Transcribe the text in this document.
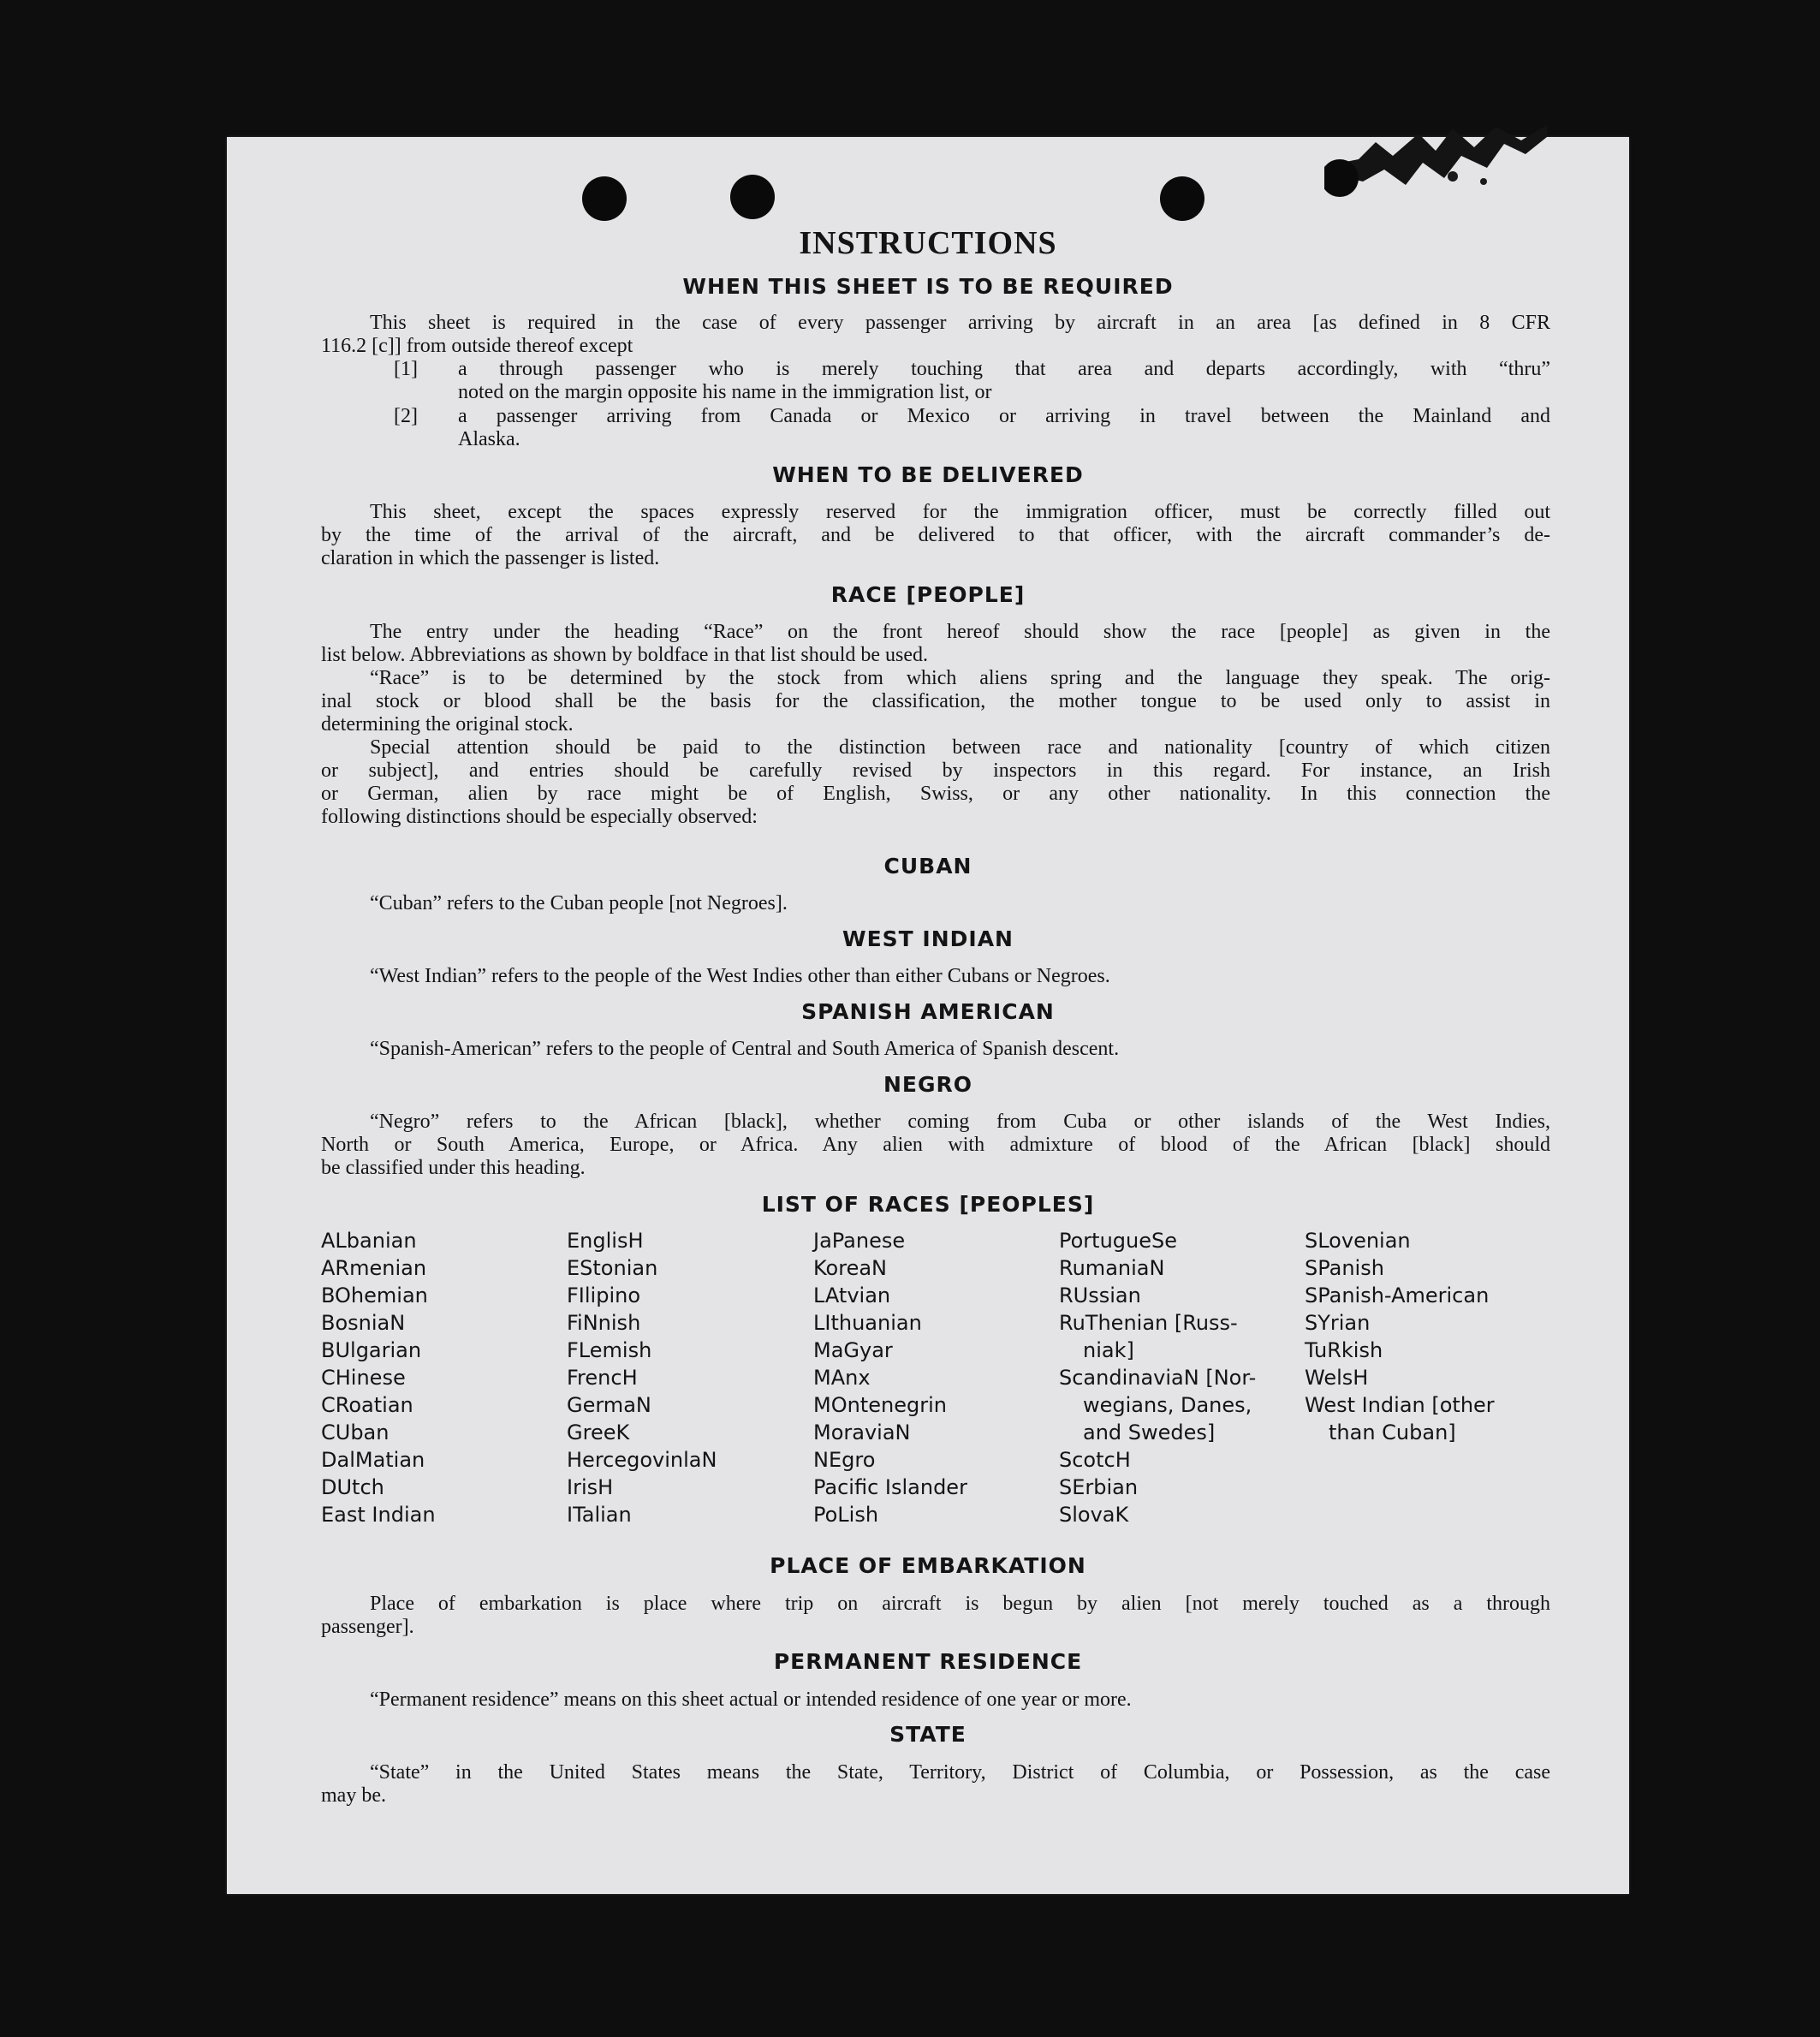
INSTRUCTIONS
WHEN THIS SHEET IS TO BE REQUIRED

This sheet is required in the case of every passenger arriving by aircraft in an area [as defined in 8 CFR
116.2 [c]] from outside thereof except

[1] a through passenger who is merely touching that area and departs accordingly, with “thru”
noted on the margin opposite his name in the immigration list, or
[2] a passenger arriving from Canada or Mexico or arriving in travel between the Mainland and
Alaska.
WHEN TO BE DELIVERED

This sheet, except the spaces expressly reserved for the immigration officer, must be correctly filled out
by the time of the arrival of the aircraft, and be delivered to that officer, with the aircraft commander’s de-
claration in which the passenger is listed.

RACE [PEOPLE]

The entry under the heading “Race” on the front hereof should show the race [people] as given in the
list below. Abbreviations as shown by boldface in that list should be used.

“Race” is to be determined by the stock from which aliens spring and the language they speak. The orig-
inal stock or blood shall be the basis for the classification, the mother tongue to be used only to assist in
determining the original stock.

Special attention should be paid to the distinction between race and nationality [country of which citizen
or subject], and entries should be carefully revised by inspectors in this regard. For instance, an Irish
or German, alien by race might be of English, Swiss, or any other nationality. In this connection the
following distinctions should be especially observed:

CUBAN

“Cuban” refers to the Cuban people [not Negroes].

WEST INDIAN

“West Indian” refers to the people of the West Indies other than either Cubans or Negroes.

SPANISH AMERICAN

“Spanish-American” refers to the people of Central and South America of Spanish descent.

NEGRO

“Negro” refers to the African [black], whether coming from Cuba or other islands of the West Indies,
North or South America, Europe, or Africa. Any alien with admixture of blood of the African [black] should
be classified under this heading.

LIST OF RACES [PEOPLES]
ALbanian
ARmenian
BOhemian
BosniaN
BUlgarian
CHinese
CRoatian
CUban
DalMatian
DUtch
East Indian
EnglisH
EStonian
FIlipino
FiNnish
FLemish
FrencH
GermaN
GreeK
HercegovinlaN
IrisH
ITalian
JaPanese
KoreaN
LAtvian
LIthuanian
MaGyar
MAnx
MOntenegrin
MoraviaN
NEgro
Pacific Islander
PoLish
PortugueSe
RumaniaN
RUssian
RuThenian [Russ-
niak]
ScandinaviaN [Nor-
wegians, Danes,
and Swedes]
ScotcH
SErbian
SlovaK
SLovenian
SPanish
SPanish-American
SYrian
TuRkish
WelsH
West Indian [other
than Cuban]
PLACE OF EMBARKATION

Place of embarkation is place where trip on aircraft is begun by alien [not merely touched as a through
passenger].

PERMANENT RESIDENCE

“Permanent residence” means on this sheet actual or intended residence of one year or more.

STATE

“State” in the United States means the State, Territory, District of Columbia, or Possession, as the case
may be.
